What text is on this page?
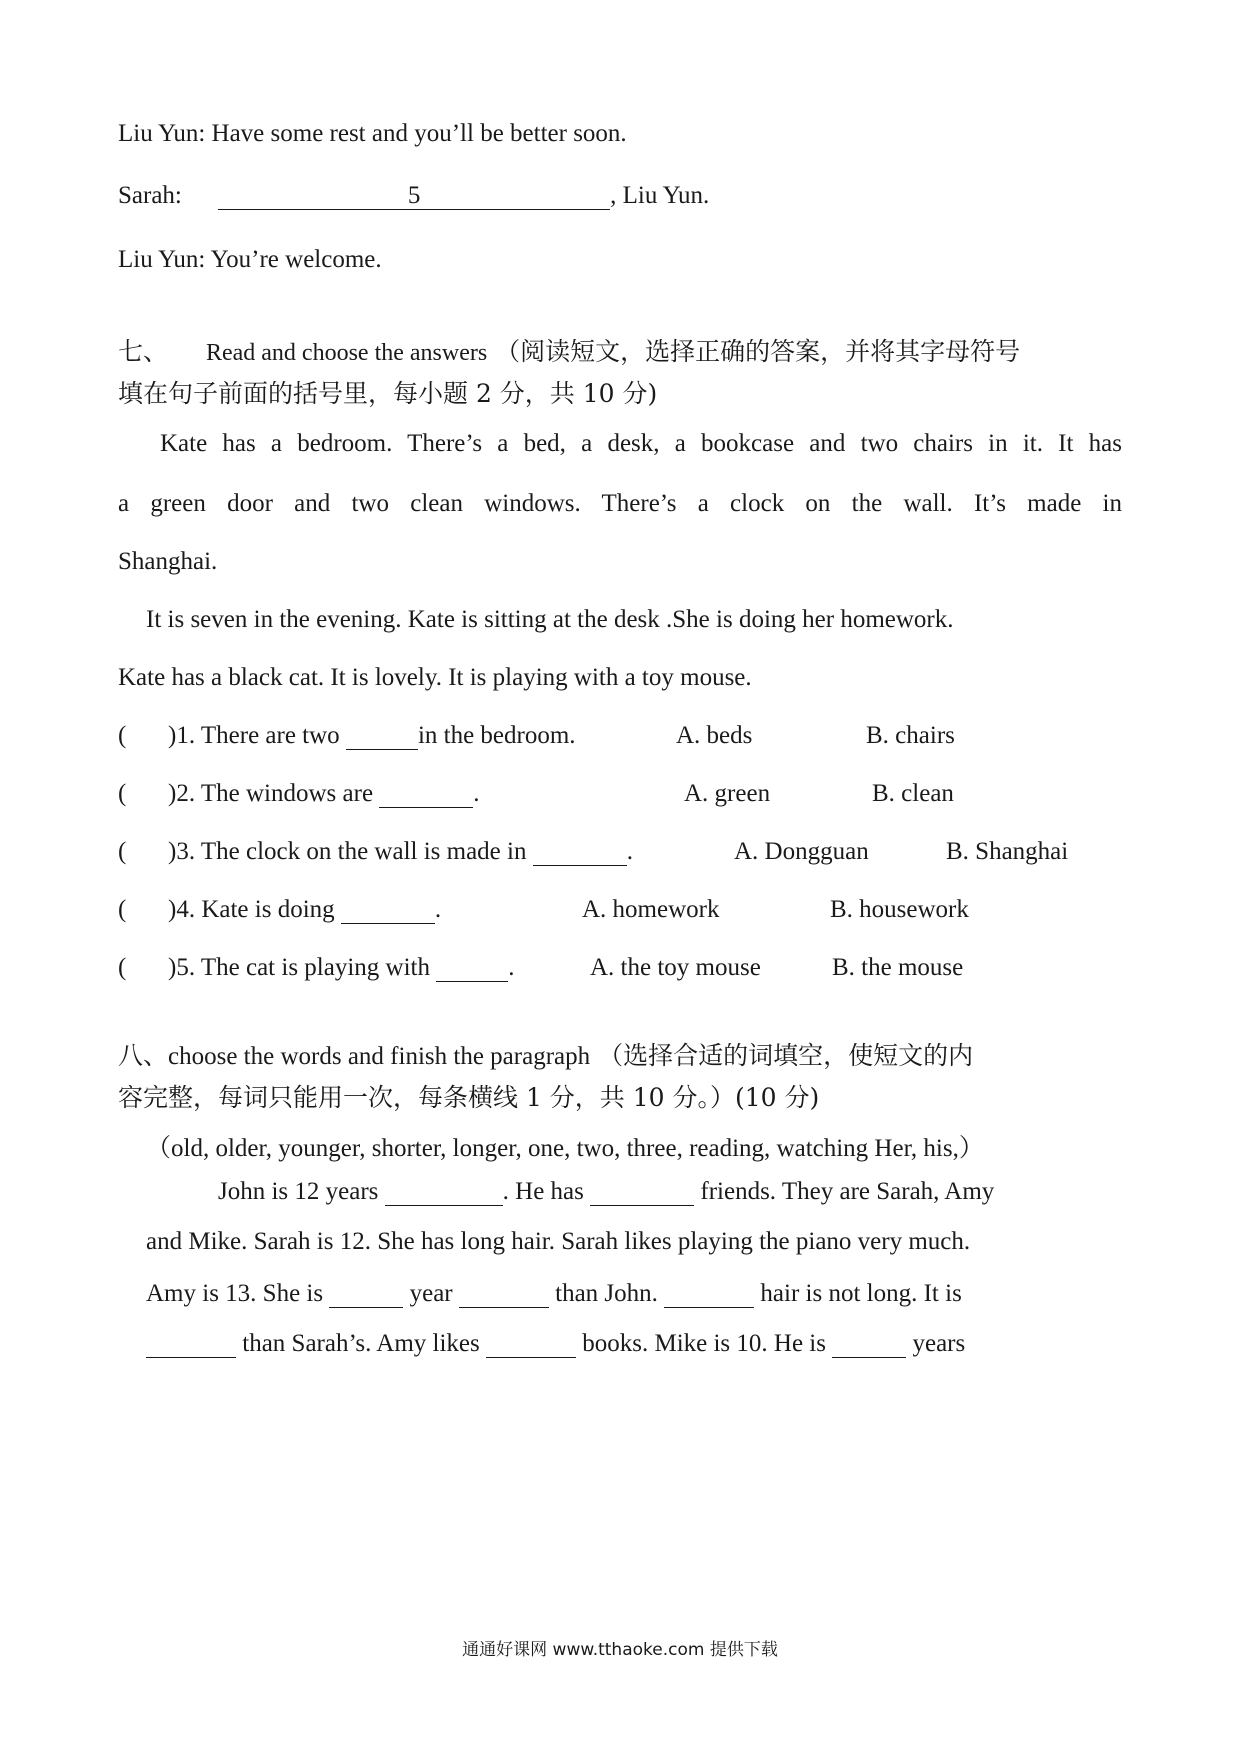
Liu Yun: Have some rest and you’ll be better soon.
Sarah:	5	, Liu Yun.
Liu Yun: You’re welcome.
七、 Read and choose the answers （阅读短文，选择正确的答案，并将其字母符号
填在句子前面的括号里，每小题 2 分，共 10 分)
Kate has a bedroom. There’s a bed, a desk, a bookcase and two chairs in it. It has
a green door and two clean windows. There’s a clock on the wall. It’s made in
Shanghai.
It is seven in the evening. Kate is sitting at the desk .She is doing her homework.
Kate has a black cat. It is lovely. It is playing with a toy mouse.
( )1. There are two	in the bedroom.	A. beds	B. chairs
( )2. The windows are	.	A. green	B. clean
( )3. The clock on the wall is made in	.	A. Dongguan	B. Shanghai
( )4. Kate is doing	.	A. homework	B. housework
( )5. The cat is playing with	.	A. the toy mouse	B. the mouse
八、choose the words and finish the paragraph （选择合适的词填空，使短文的内
容完整，每词只能用一次，每条横线 1 分，共 10 分。）(10 分)
（old, older, younger, shorter, longer, one, two, three, reading, watching Her, his,）
John is 12 years	. He has	friends. They are Sarah, Amy
and Mike. Sarah is 12. She has long hair. Sarah likes playing the piano very much.
Amy is 13. She is	year	than John.	hair is not long. It is
than Sarah’s. Amy likes	books. Mike is 10. He is	years
通通好课网 www.tthaoke.com 提供下载
